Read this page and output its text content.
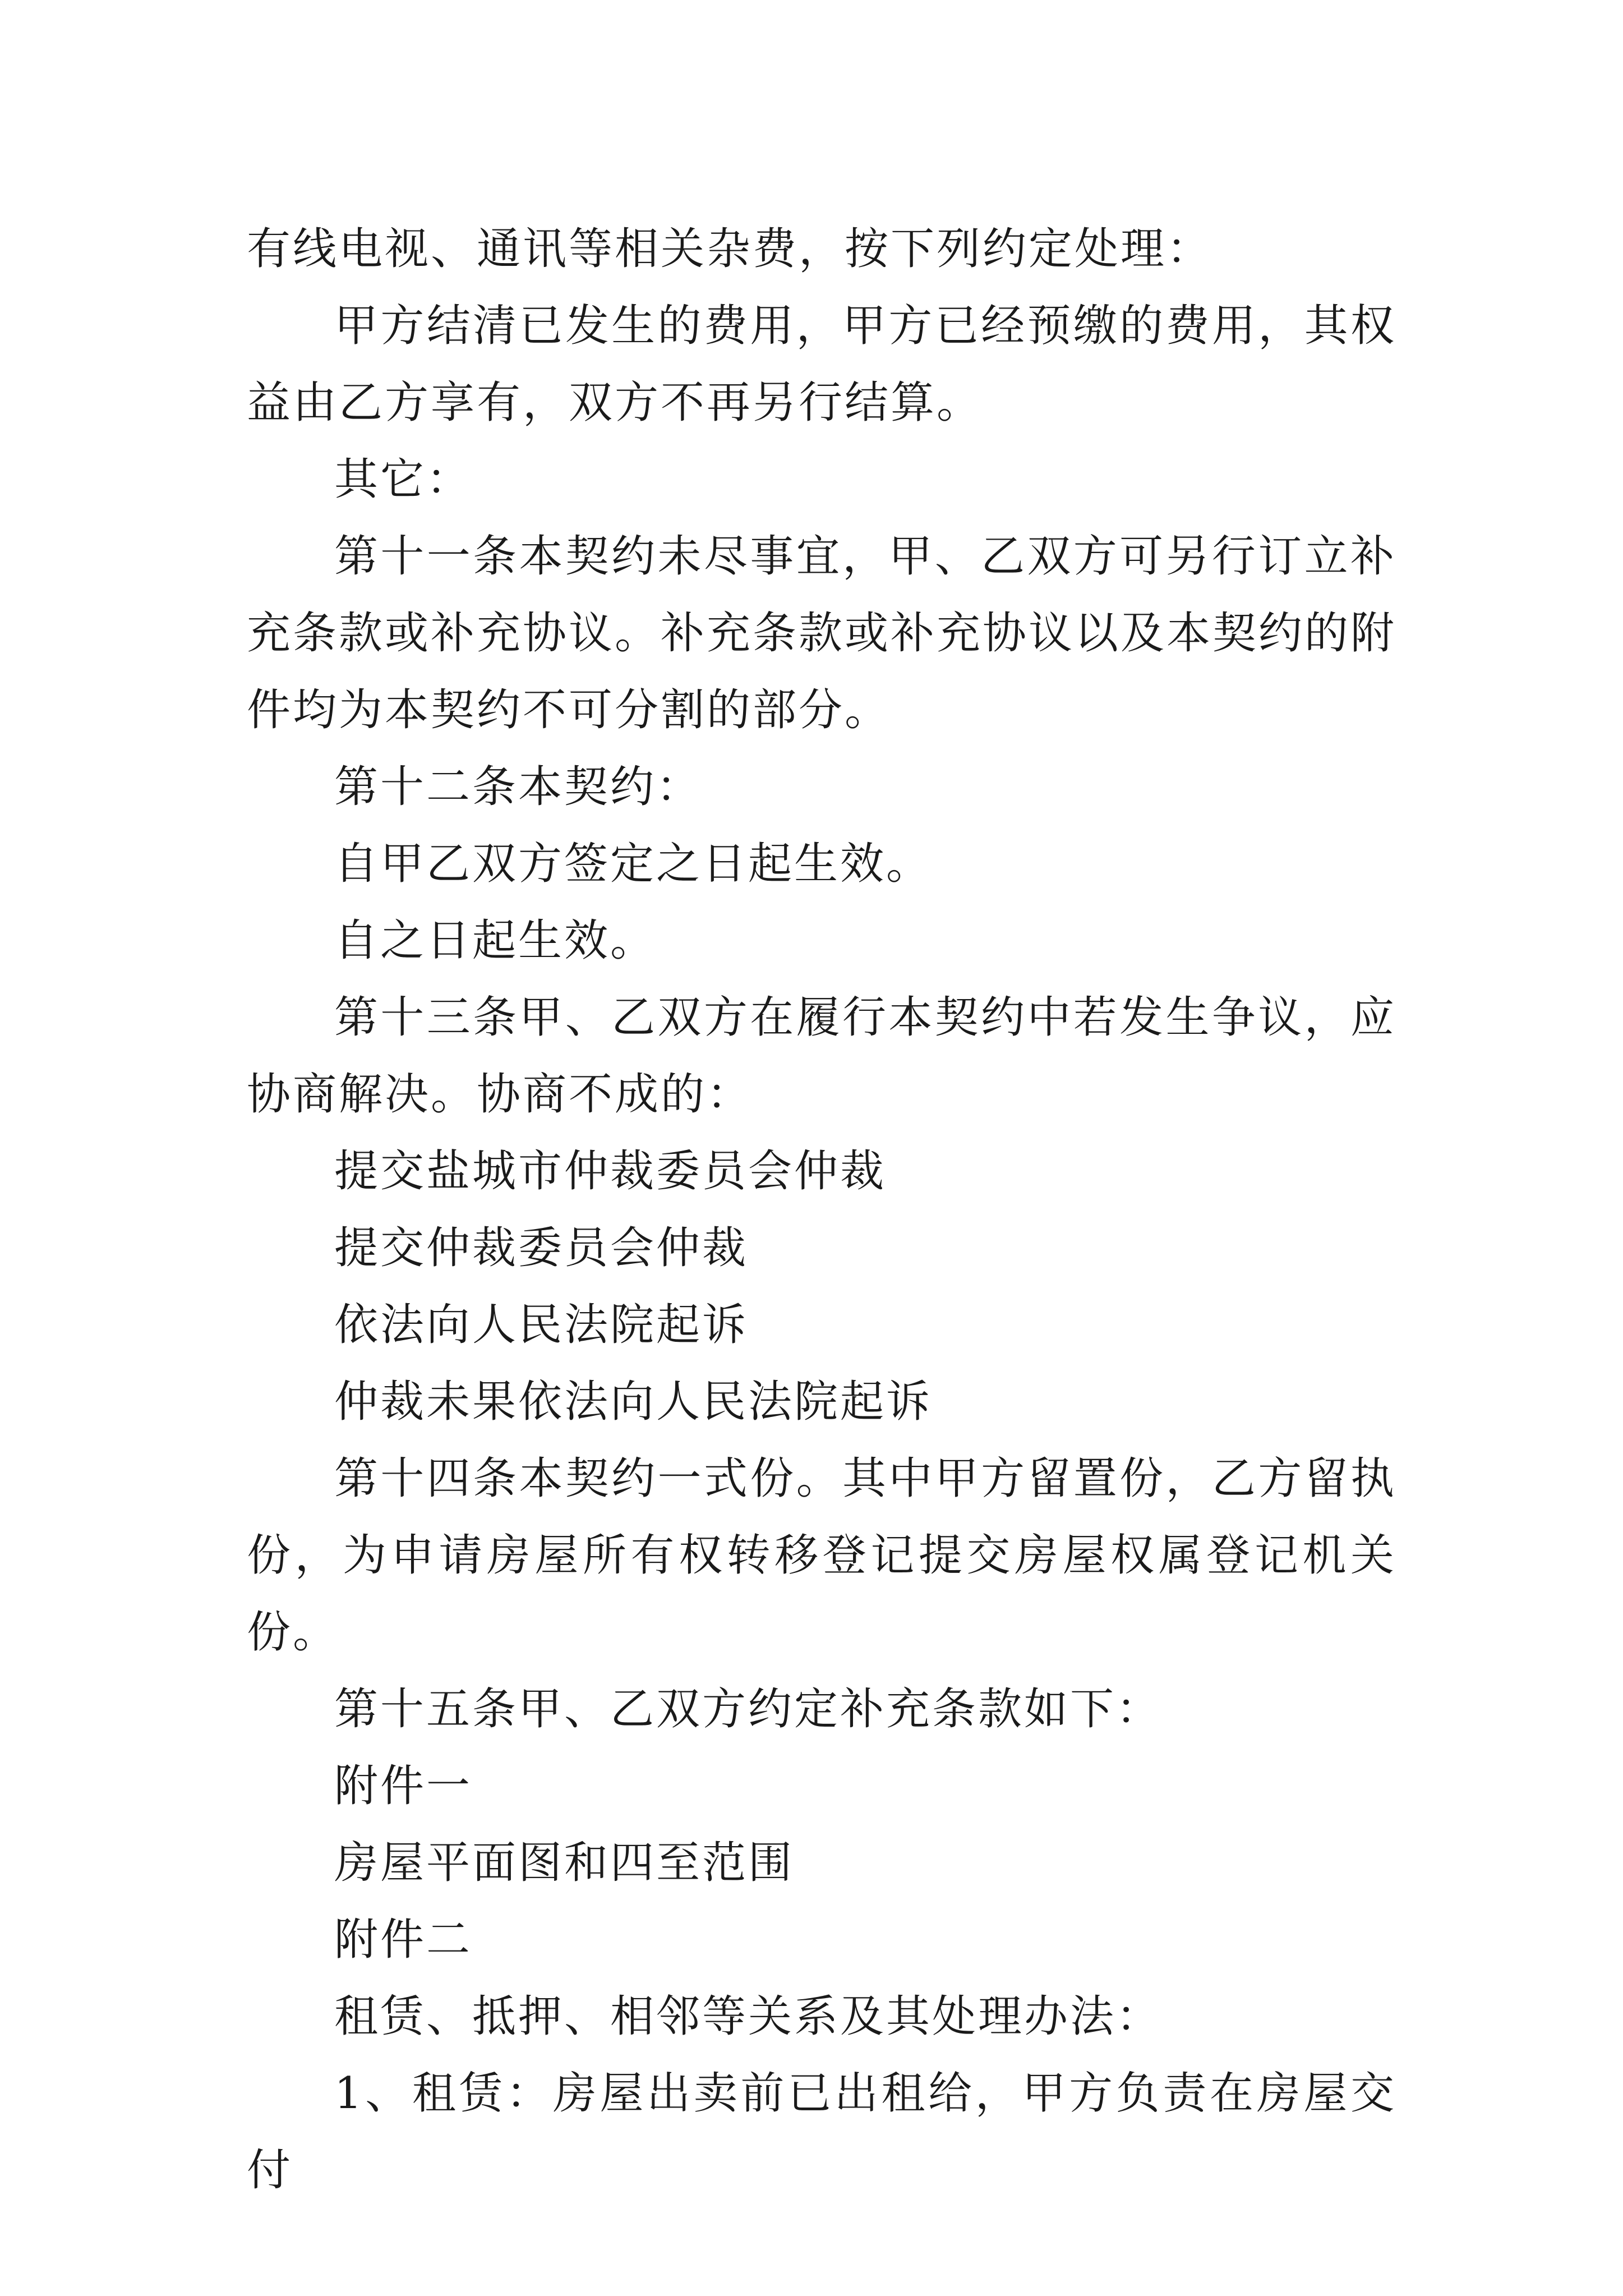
有线电视、通讯等相关杂费，按下列约定处理：

甲方结清已发生的费用，甲方已经预缴的费用，其权益由乙方享有，双方不再另行结算。

其它：

第十一条本契约未尽事宜，甲、乙双方可另行订立补充条款或补充协议。补充条款或补充协议以及本契约的附件均为本契约不可分割的部分。

第十二条本契约：

自甲乙双方签定之日起生效。

自之日起生效。

第十三条甲、乙双方在履行本契约中若发生争议，应协商解决。协商不成的：

提交盐城市仲裁委员会仲裁

提交仲裁委员会仲裁

依法向人民法院起诉

仲裁未果依法向人民法院起诉

第十四条本契约一式份。其中甲方留置份，乙方留执份，为申请房屋所有权转移登记提交房屋权属登记机关份。

第十五条甲、乙双方约定补充条款如下：

附件一

房屋平面图和四至范围

附件二

租赁、抵押、相邻等关系及其处理办法：

1、租赁：房屋出卖前已出租给，甲方负责在房屋交付
